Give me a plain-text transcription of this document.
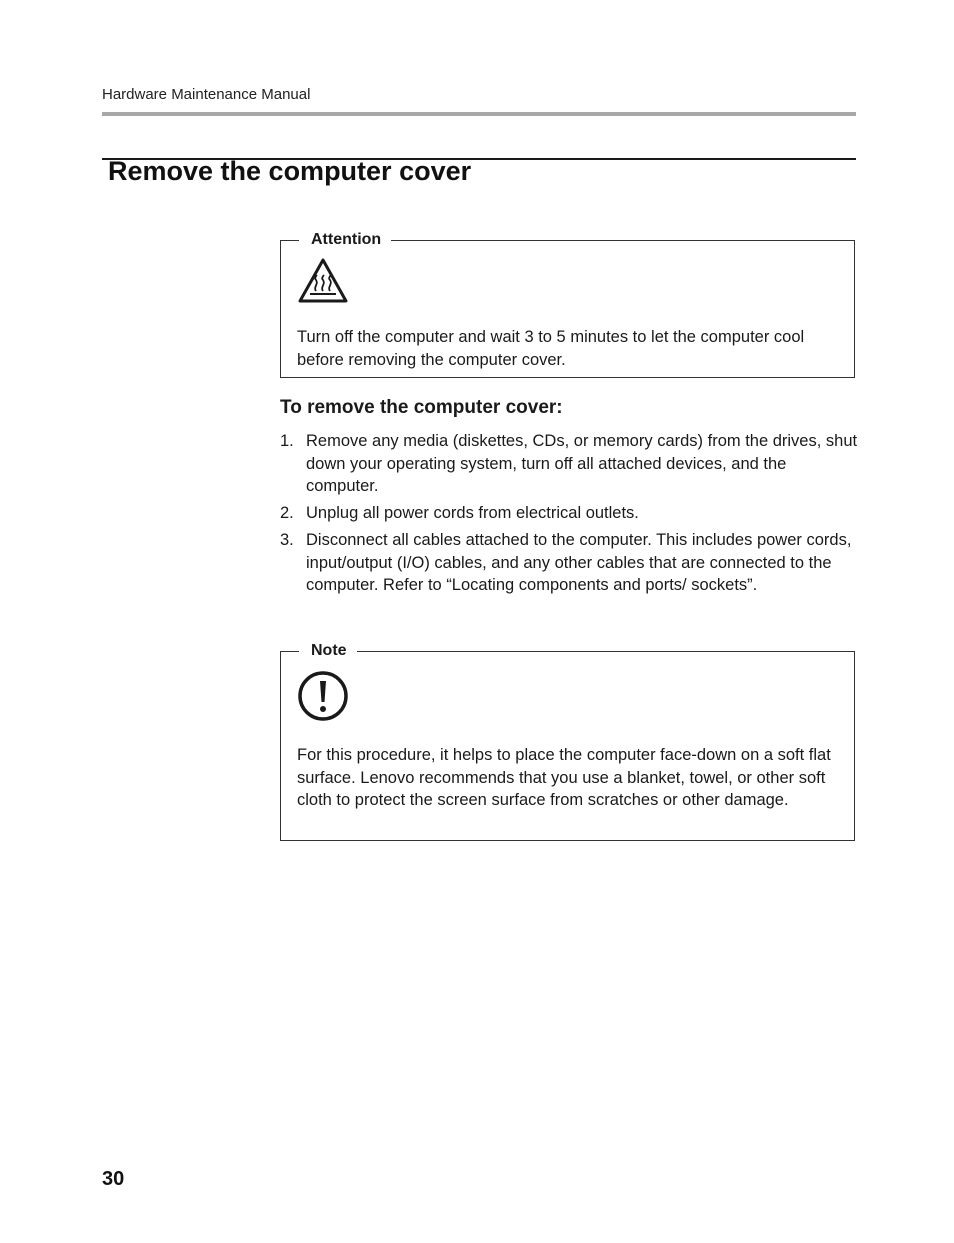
Hardware Maintenance Manual
Remove the computer cover
Attention

Turn off the computer and wait 3 to 5 minutes to let the computer cool before removing the computer cover.

To remove the computer cover:
1. Remove any media (diskettes, CDs, or memory cards) from the drives, shut down your operating system, turn off all attached devices, and the computer.
2. Unplug all power cords from electrical outlets.
3. Disconnect all cables attached to the computer. This includes power cords, input/output (I/O) cables, and any other cables that are connected to the computer. Refer to “Locating components and ports/ sockets”.
Note

For this procedure, it helps to place the computer face-down on a soft flat surface. Lenovo recommends that you use a blanket, towel, or other soft cloth to protect the screen surface from scratches or other damage.

30
